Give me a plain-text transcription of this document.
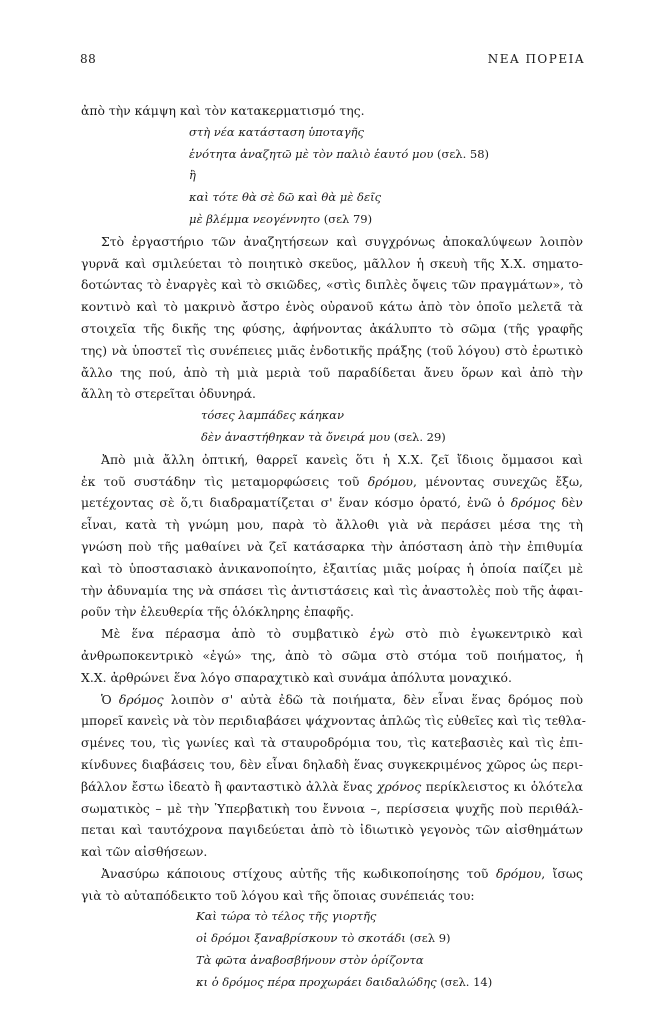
88	ΝΕΑ ΠΟΡΕΙΑ
ἀπὸ τὴν κάμψη καὶ τὸν κατακερματισμό της.
στὴ νέα κατάσταση ὑποταγῆς
ἑνότητα ἀναζητῶ μὲ τὸν παλιὸ ἑαυτό μου (σελ. 58)
ἢ
καὶ τότε θὰ σὲ δῶ καὶ θὰ μὲ δεῖς
μὲ βλέμμα νεογέννητο (σελ 79)

Στὸ ἐργαστήριο τῶν ἀναζητήσεων καὶ συγχρόνως ἀποκαλύψεων λοιπὸν
γυρνᾶ καὶ σμιλεύεται τὸ ποιητικὸ σκεῦος, μᾶλλον ἡ σκευὴ τῆς Χ.Χ. σηματο-
δοτώντας τὸ ἐναργὲς καὶ τὸ σκιῶδες, «στὶς διπλὲς ὄψεις τῶν πραγμάτων», τὸ
κοντινὸ καὶ τὸ μακρινὸ ἄστρο ἑνὸς οὐρανοῦ κάτω ἀπὸ τὸν ὁποῖο μελετᾶ τὰ
στοιχεῖα τῆς δικῆς της φύσης, ἀφήνοντας ἀκάλυπτο τὸ σῶμα (τῆς γραφῆς
της) νὰ ὑποστεῖ τὶς συνέπειες μιᾶς ἐνδοτικῆς πράξης (τοῦ λόγου) στὸ ἐρωτικὸ
ἄλλο της πού, ἀπὸ τὴ μιὰ μεριὰ τοῦ παραδίδεται ἄνευ ὅρων καὶ ἀπὸ τὴν
ἄλλη τὸ στερεῖται ὀδυνηρά.

τόσες λαμπάδες κάηκαν
δὲν ἀναστήθηκαν τὰ ὄνειρά μου (σελ. 29)

Ἀπὸ μιὰ ἄλλη ὀπτική, θαρρεῖ κανεὶς ὅτι ἡ Χ.Χ. ζεῖ ἴδιοις ὄμμασοι καὶ
ἐκ τοῦ συστάδην τὶς μεταμορφώσεις τοῦ δρόμου, μένοντας συνεχῶς ἔξω,
μετέχοντας σὲ ὅ,τι διαδραματίζεται σ' ἕναν κόσμο ὁρατό, ἐνῶ ὁ δρόμος δὲν
εἶναι, κατὰ τὴ γνώμη μου, παρὰ τὸ ἄλλοθι γιὰ νὰ περάσει μέσα της τὴ
γνώση ποὺ τῆς μαθαίνει νὰ ζεῖ κατάσαρκα τὴν ἀπόσταση ἀπὸ τὴν ἐπιθυμία
καὶ τὸ ὑποστασιακὸ ἀνικανοποίητο, ἐξαιτίας μιᾶς μοίρας ἡ ὁποία παίζει μὲ
τὴν ἀδυναμία της νὰ σπάσει τὶς ἀντιστάσεις καὶ τὶς ἀναστολὲς ποὺ τῆς ἀφαι-
ροῦν τὴν ἐλευθερία τῆς ὁλόκληρης ἐπαφῆς.

Μὲ ἕνα πέρασμα ἀπὸ τὸ συμβατικὸ ἐγὼ στὸ πιὸ ἐγωκεντρικὸ καὶ
ἀνθρωποκεντρικὸ «ἐγώ» της, ἀπὸ τὸ σῶμα στὸ στόμα τοῦ ποιήματος, ἡ
Χ.Χ. ἀρθρώνει ἕνα λόγο σπαραχτικὸ καὶ συνάμα ἀπόλυτα μοναχικό.

Ὁ δρόμος λοιπὸν σ' αὐτὰ ἐδῶ τὰ ποιήματα, δὲν εἶναι ἕνας δρόμος ποὺ
μπορεῖ κανεὶς νὰ τὸν περιδιαβάσει ψάχνοντας ἁπλῶς τὶς εὐθεῖες καὶ τὶς τεθλα-
σμένες του, τὶς γωνίες καὶ τὰ σταυροδρόμια του, τὶς κατεβασιὲς καὶ τὶς ἐπι-
κίνδυνες διαβάσεις του, δὲν εἶναι δηλαδὴ ἕνας συγκεκριμένος χῶρος ὡς περι-
βάλλον ἔστω ἰδεατὸ ἢ φανταστικὸ ἀλλὰ ἕνας χρόνος περίκλειστος κι ὁλότελα
σωματικὸς – μὲ τὴν Ὑπερβατικὴ του ἔννοια –, περίσσεια ψυχῆς ποὺ περιθάλ-
πεται καὶ ταυτόχρονα παγιδεύεται ἀπὸ τὸ ἰδιωτικὸ γεγονὸς τῶν αἰσθημάτων
καὶ τῶν αἰσθήσεων.

Ἀνασύρω κάποιους στίχους αὐτῆς τῆς κωδικοποίησης τοῦ δρόμου, ἴσως
γιὰ τὸ αὐταπόδεικτο τοῦ λόγου καὶ τῆς ὅποιας συνέπειάς του:

Καὶ τώρα τὸ τέλος τῆς γιορτῆς
οἱ δρόμοι ξαναβρίσκουν τὸ σκοτάδι (σελ 9)
Τὰ φῶτα ἀναβοσβήνουν στὸν ὁρίζοντα
κι ὁ δρόμος πέρα προχωράει δαιδαλώδης (σελ. 14)
